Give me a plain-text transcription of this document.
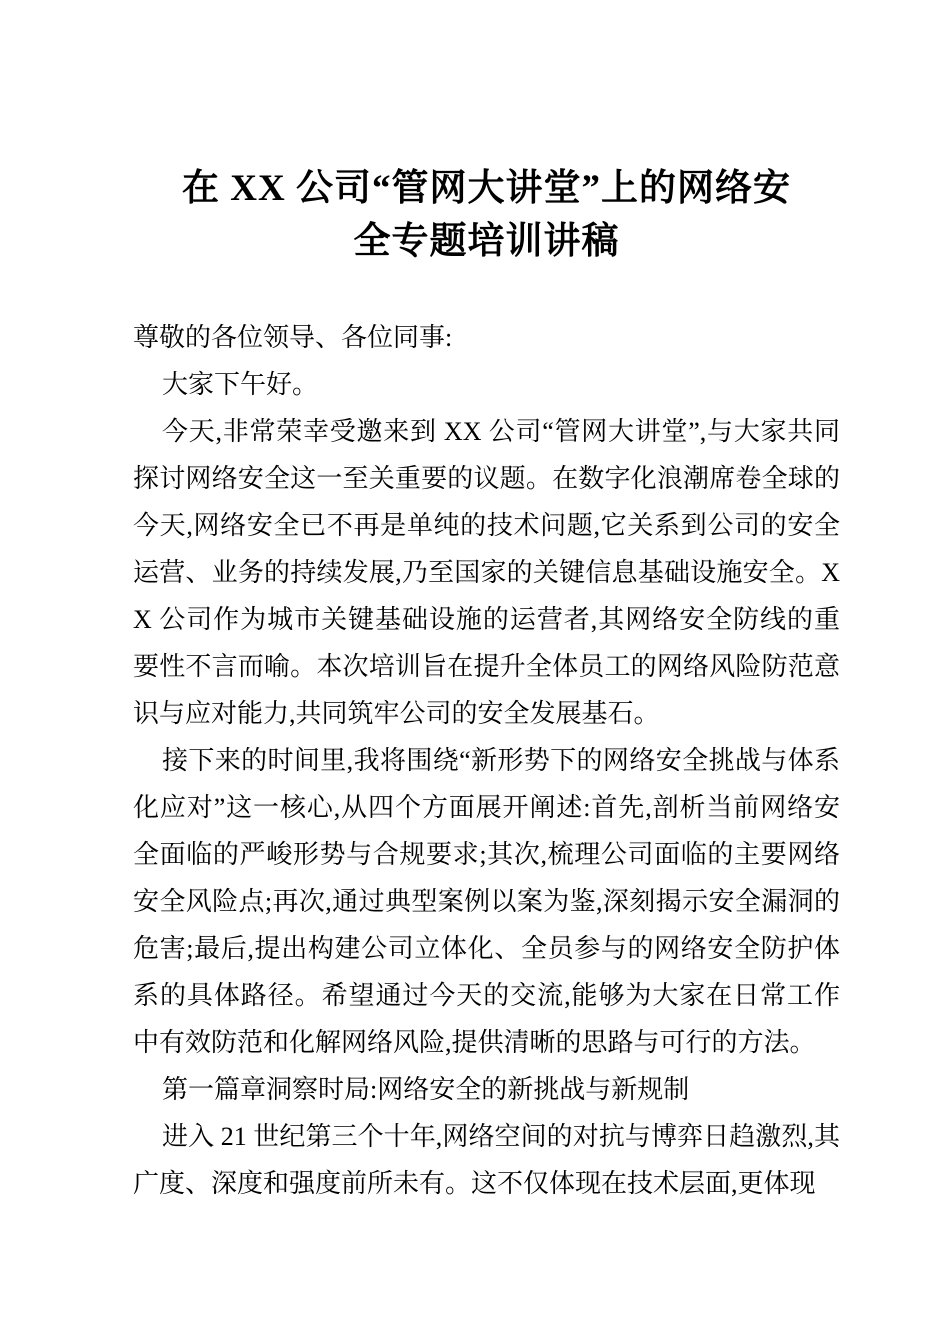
在 XX 公司“管网大讲堂”上的网络安
全专题培训讲稿

尊敬的各位领导、各位同事:

大家下午好。

今天,非常荣幸受邀来到 XX 公司“管网大讲堂”,与大家共同探讨网络安全这一至关重要的议题。在数字化浪潮席卷全球的今天,网络安全已不再是单纯的技术问题,它关系到公司的安全运营、业务的持续发展,乃至国家的关键信息基础设施安全。XX 公司作为城市关键基础设施的运营者,其网络安全防线的重要性不言而喻。本次培训旨在提升全体员工的网络风险防范意识与应对能力,共同筑牢公司的安全发展基石。

接下来的时间里,我将围绕“新形势下的网络安全挑战与体系化应对”这一核心,从四个方面展开阐述:首先,剖析当前网络安全面临的严峻形势与合规要求;其次,梳理公司面临的主要网络安全风险点;再次,通过典型案例以案为鉴,深刻揭示安全漏洞的危害;最后,提出构建公司立体化、全员参与的网络安全防护体系的具体路径。希望通过今天的交流,能够为大家在日常工作中有效防范和化解网络风险,提供清晰的思路与可行的方法。

第一篇章洞察时局:网络安全的新挑战与新规制

进入 21 世纪第三个十年,网络空间的对抗与博弈日趋激烈,其广度、深度和强度前所未有。这不仅体现在技术层面,更体现
